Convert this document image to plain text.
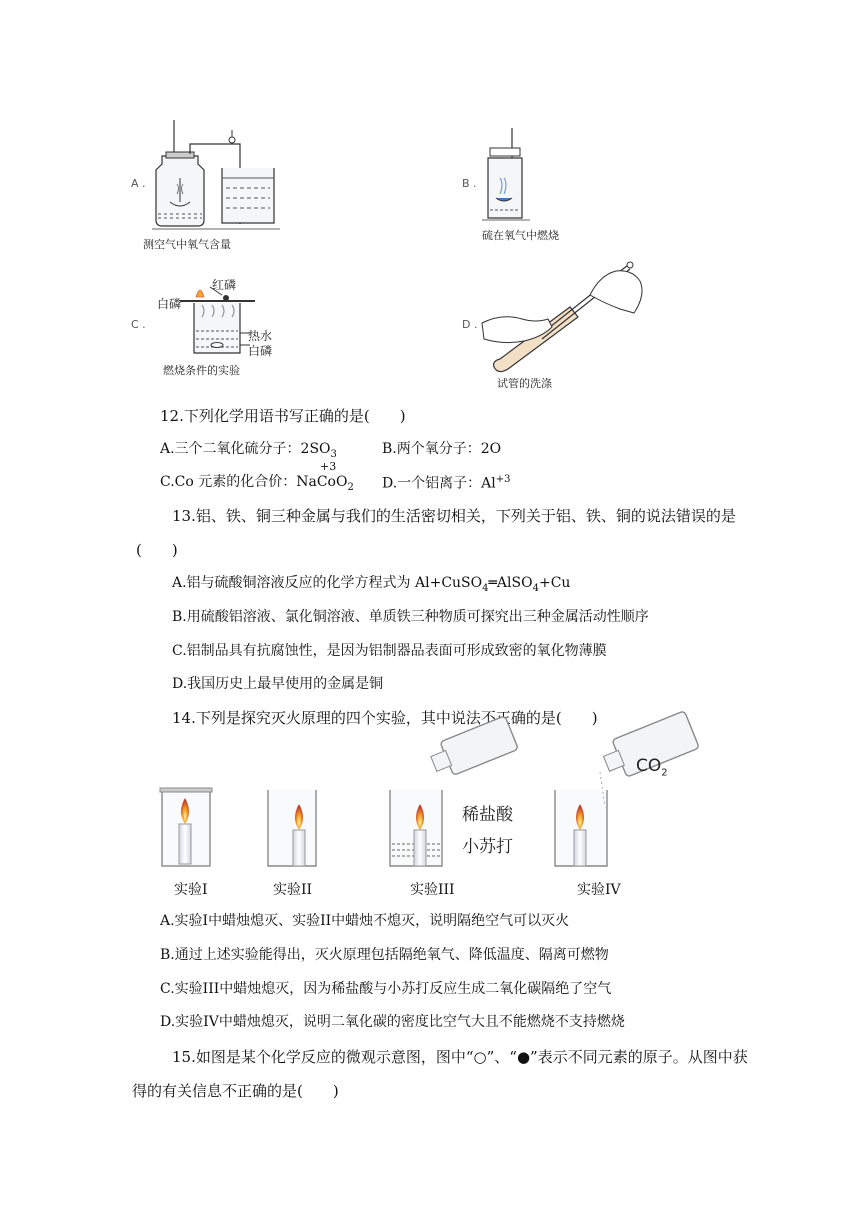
A .
测空气中氧气含量
B .
硫在氧气中燃烧
C .
红磷
白磷
热水
白磷
燃烧条件的实验
D .
试管的洗涤
12.下列化学用语书写正确的是(　　)
A.三个二氧化硫分子：$2SO_3$	B.两个氧分子：2O
+3
C.Co 元素的化合价：NaCoO$_2$ D.一个铝离子：$Al^{+3}$
13.铝、铁、铜三种金属与我们的生活密切相关，下列关于铝、铁、铜的说法错误的是
(　　)
A.铝与硫酸铜溶液反应的化学方程式为 Al+CuSO$_4$═AlSO$_4$+Cu
B.用硫酸铝溶液、氯化铜溶液、单质铁三种物质可探究出三种金属活动性顺序
C.铝制品具有抗腐蚀性，是因为铝制器品表面可形成致密的氧化物薄膜
D.我国历史上最早使用的金属是铜
14.下列是探究灭火原理的四个实验，其中说法不正确的是(　　)
稀盐酸
小苏打
$CO_2$
实验I	实验II	实验III	实验IV
A.实验I中蜡烛熄灭、实验II中蜡烛不熄灭，说明隔绝空气可以灭火
B.通过上述实验能得出，灭火原理包括隔绝氧气、降低温度、隔离可燃物
C.实验III中蜡烛熄灭，因为稀盐酸与小苏打反应生成二氧化碳隔绝了空气
D.实验IV中蜡烛熄灭，说明二氧化碳的密度比空气大且不能燃烧不支持燃烧
15.如图是某个化学反应的微观示意图，图中“○”、“●”表示不同元素的原子。从图中获
得的有关信息不正确的是(　　)
